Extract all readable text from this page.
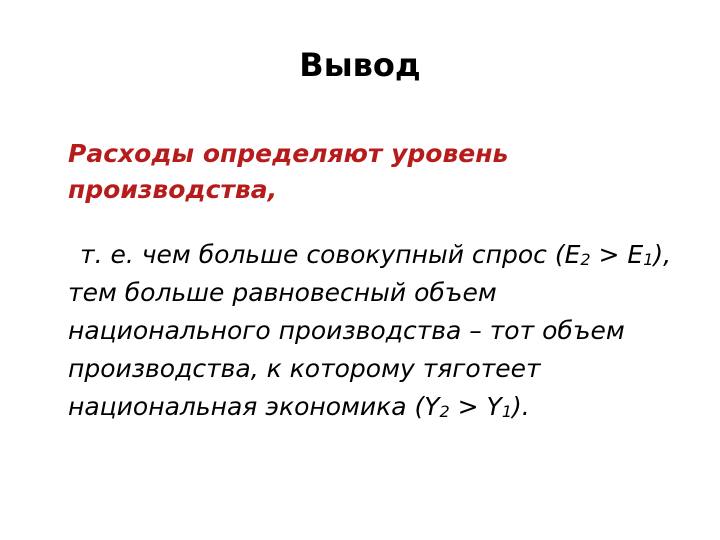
Вывод
Расходы определяют уровень производства,
т. е. чем больше совокупный спрос (Е2 > Е1), тем больше равновесный объем национального производства – тот объем производства, к которому тяготеет национальная экономика (Y2 > Y1).
